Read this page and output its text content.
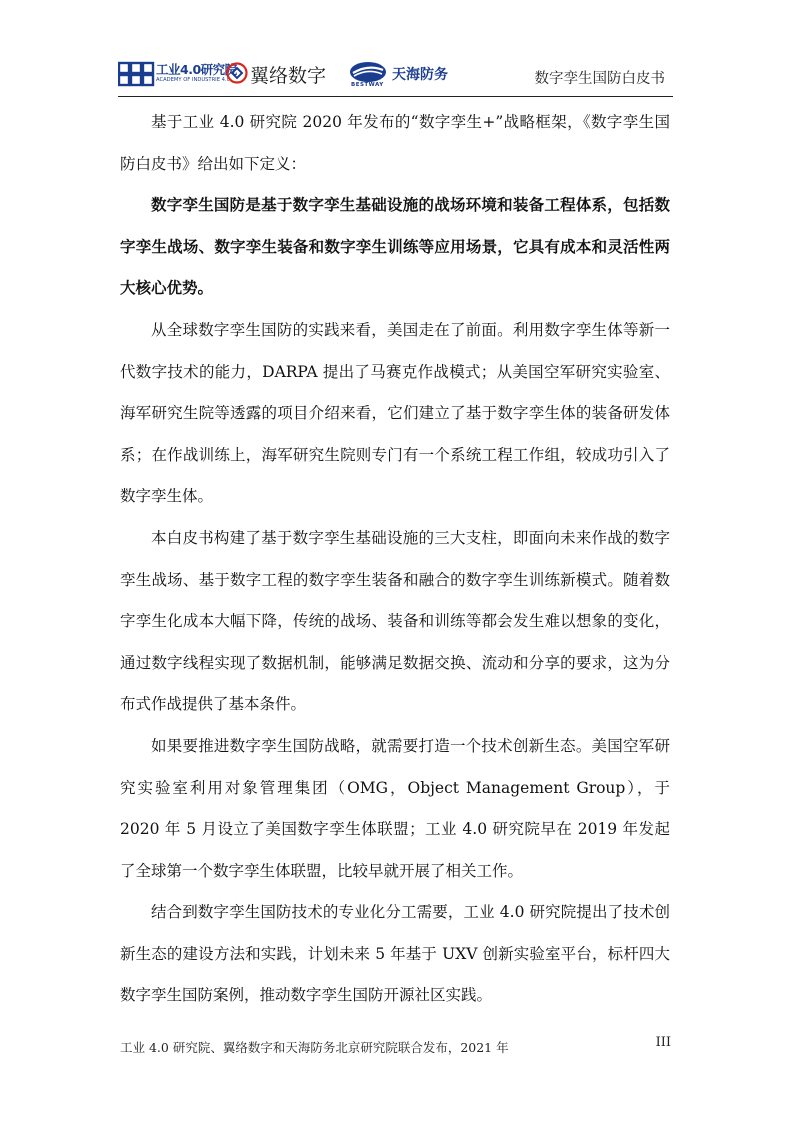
工业4.0研究院
ACADEMY OF INDUSTRIE 4.0 翼络数字	BESTWAY
天海防务	数字孪生国防白皮书

基于工业 4.0 研究院 2020 年发布的“数字孪生+”战略框架，《数字孪生国防白皮书》给出如下定义：

数字孪生国防是基于数字孪生基础设施的战场环境和装备工程体系，包括数字孪生战场、数字孪生装备和数字孪生训练等应用场景，它具有成本和灵活性两大核心优势。

从全球数字孪生国防的实践来看，美国走在了前面。利用数字孪生体等新一代数字技术的能力，DARPA 提出了马赛克作战模式；从美国空军研究实验室、海军研究生院等透露的项目介绍来看，它们建立了基于数字孪生体的装备研发体系；在作战训练上，海军研究生院则专门有一个系统工程工作组，较成功引入了数字孪生体。

本白皮书构建了基于数字孪生基础设施的三大支柱，即面向未来作战的数字孪生战场、基于数字工程的数字孪生装备和融合的数字孪生训练新模式。随着数字孪生化成本大幅下降，传统的战场、装备和训练等都会发生难以想象的变化，通过数字线程实现了数据机制，能够满足数据交换、流动和分享的要求，这为分布式作战提供了基本条件。

如果要推进数字孪生国防战略，就需要打造一个技术创新生态。美国空军研究实验室利用对象管理集团（OMG，Object Management Group），于 2020 年 5 月设立了美国数字孪生体联盟；工业 4.0 研究院早在 2019 年发起了全球第一个数字孪生体联盟，比较早就开展了相关工作。

结合到数字孪生国防技术的专业化分工需要，工业 4.0 研究院提出了技术创新生态的建设方法和实践，计划未来 5 年基于 UXV 创新实验室平台，标杆四大数字孪生国防案例，推动数字孪生国防开源社区实践。

工业 4.0 研究院、翼络数字和天海防务北京研究院联合发布，2021 年	III
